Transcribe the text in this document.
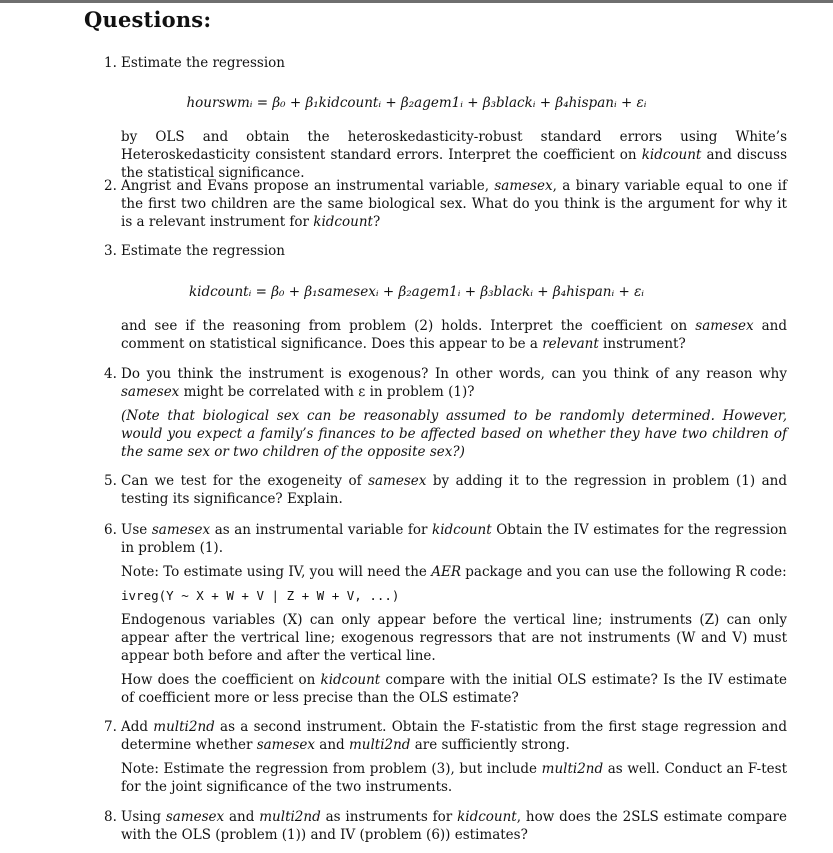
Questions:
1. Estimate the regression
hourswmᵢ = β₀ + β₁kidcountᵢ + β₂agem1ᵢ + β₃blackᵢ + β₄hispanᵢ + εᵢ
by OLS and obtain the heteroskedasticity-robust standard errors using White’s Heteroskedasticity consistent standard errors. Interpret the coefficient on kidcount and discuss the statistical significance.
2. Angrist and Evans propose an instrumental variable, samesex, a binary variable equal to one if the first two children are the same biological sex. What do you think is the argument for why it is a relevant instrument for kidcount?
3. Estimate the regression
kidcountᵢ = β₀ + β₁samesexᵢ + β₂agem1ᵢ + β₃blackᵢ + β₄hispanᵢ + εᵢ
and see if the reasoning from problem (2) holds. Interpret the coefficient on samesex and comment on statistical significance. Does this appear to be a relevant instrument?
4. Do you think the instrument is exogenous? In other words, can you think of any reason why samesex might be correlated with ε in problem (1)?

(Note that biological sex can be reasonably assumed to be randomly determined. However, would you expect a family’s finances to be affected based on whether they have two children of the same sex or two children of the opposite sex?)

5. Can we test for the exogeneity of samesex by adding it to the regression in problem (1) and testing its significance? Explain.
6. Use samesex as an instrumental variable for kidcount Obtain the IV estimates for the regression in problem (1).

Note: To estimate using IV, you will need the AER package and you can use the following R code:

ivreg(Y ~ X + W + V | Z + W + V, ...)

Endogenous variables (X) can only appear before the vertical line; instruments (Z) can only appear after the vertrical line; exogenous regressors that are not instruments (W and V) must appear both before and after the vertical line.

How does the coefficient on kidcount compare with the initial OLS estimate? Is the IV estimate of coefficient more or less precise than the OLS estimate?

7. Add multi2nd as a second instrument. Obtain the F-statistic from the first stage regression and determine whether samesex and multi2nd are sufficiently strong.

Note: Estimate the regression from problem (3), but include multi2nd as well. Conduct an F-test for the joint significance of the two instruments.

8. Using samesex and multi2nd as instruments for kidcount, how does the 2SLS estimate compare with the OLS (problem (1)) and IV (problem (6)) estimates?
